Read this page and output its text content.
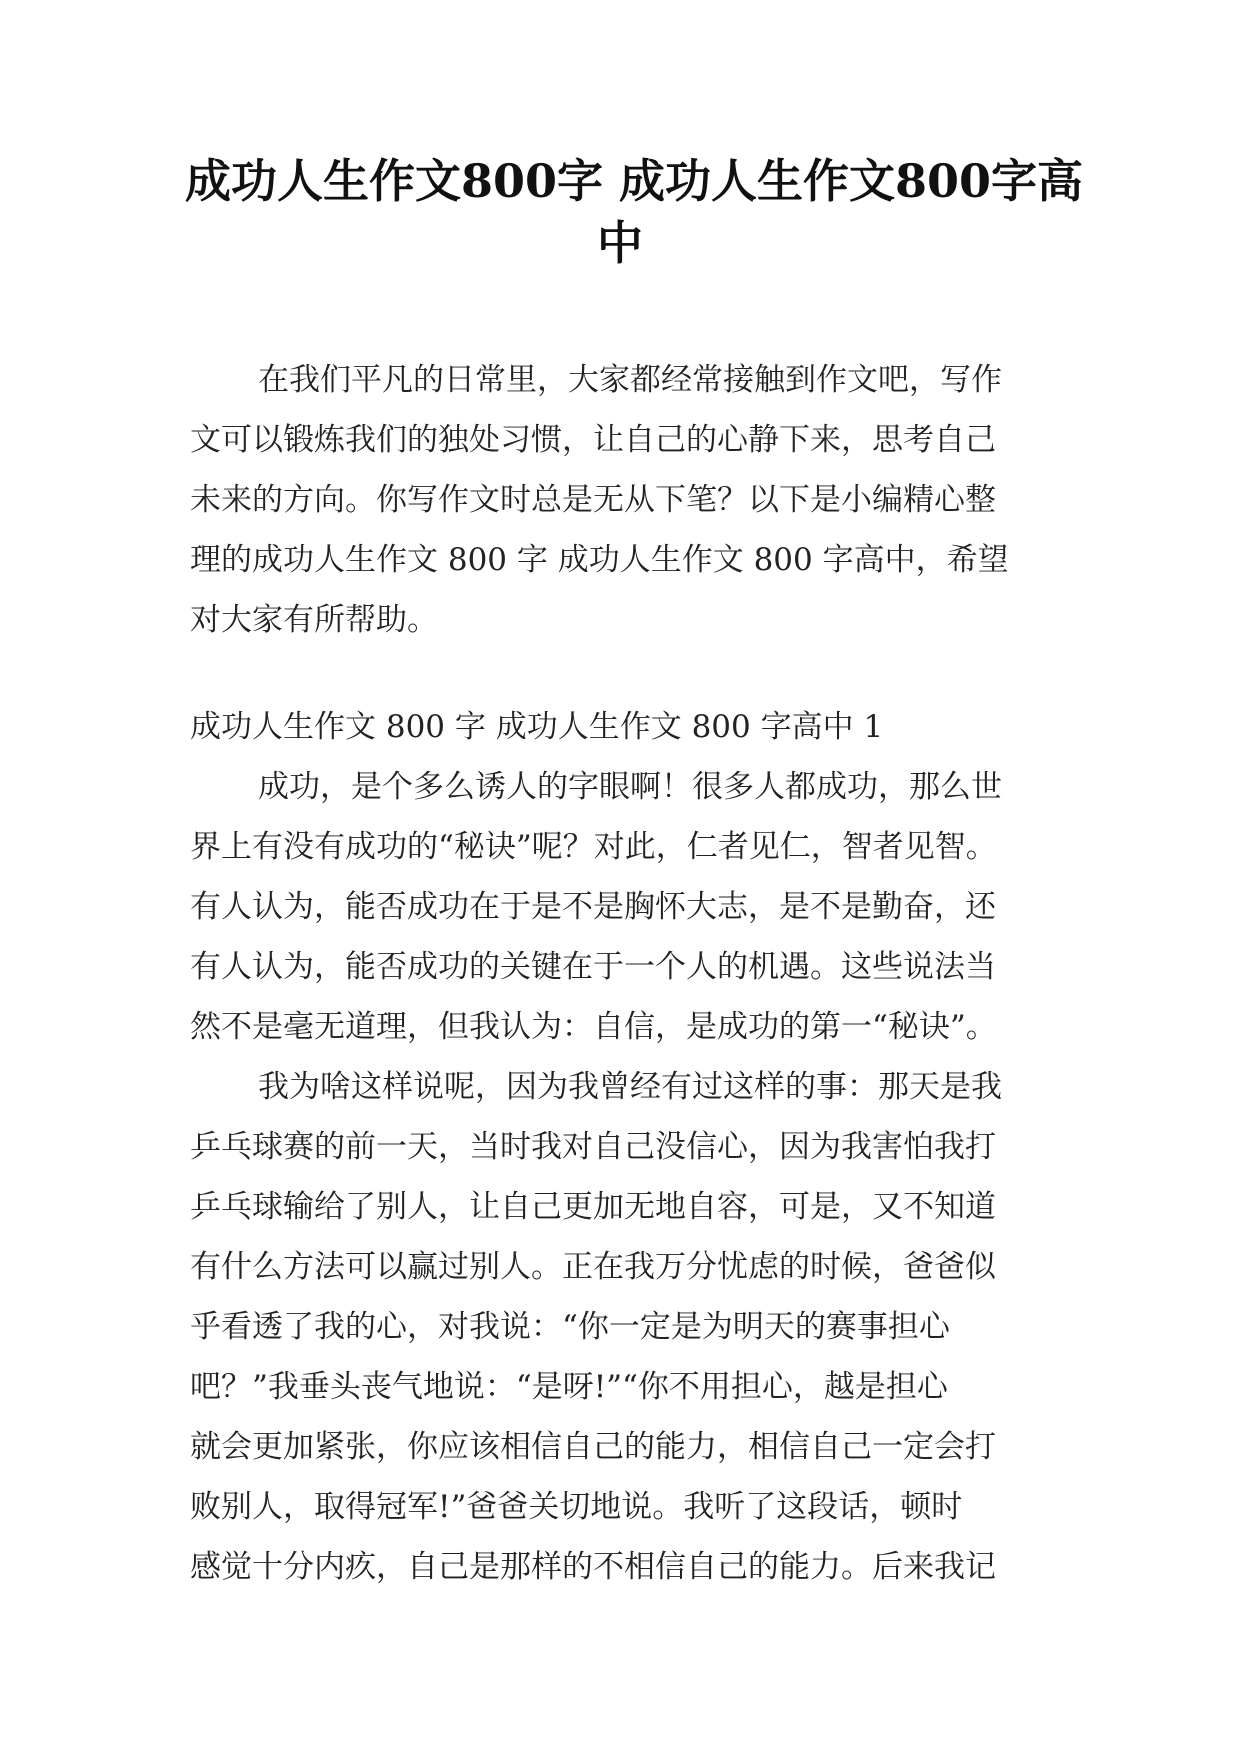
成功人生作文800字 成功人生作文800字高
中
在我们平凡的日常里，大家都经常接触到作文吧，写作
文可以锻炼我们的独处习惯，让自己的心静下来，思考自己
未来的方向。你写作文时总是无从下笔？以下是小编精心整
理的成功人生作文 800 字 成功人生作文 800 字高中，希望
对大家有所帮助。
成功人生作文 800 字 成功人生作文 800 字高中 1
成功，是个多么诱人的字眼啊！很多人都成功，那么世
界上有没有成功的“秘诀”呢？对此，仁者见仁，智者见智。
有人认为，能否成功在于是不是胸怀大志，是不是勤奋，还
有人认为，能否成功的关键在于一个人的机遇。这些说法当
然不是毫无道理，但我认为：自信，是成功的第一“秘诀”。
我为啥这样说呢，因为我曾经有过这样的事：那天是我
乒乓球赛的前一天，当时我对自己没信心，因为我害怕我打
乒乓球输给了别人，让自己更加无地自容，可是，又不知道
有什么方法可以赢过别人。正在我万分忧虑的时候，爸爸似
乎看透了我的心，对我说：“你一定是为明天的赛事担心
吧？”我垂头丧气地说：“是呀!”“你不用担心，越是担心
就会更加紧张，你应该相信自己的能力，相信自己一定会打
败别人，取得冠军!”爸爸关切地说。我听了这段话，顿时
感觉十分内疚，自己是那样的不相信自己的能力。后来我记
